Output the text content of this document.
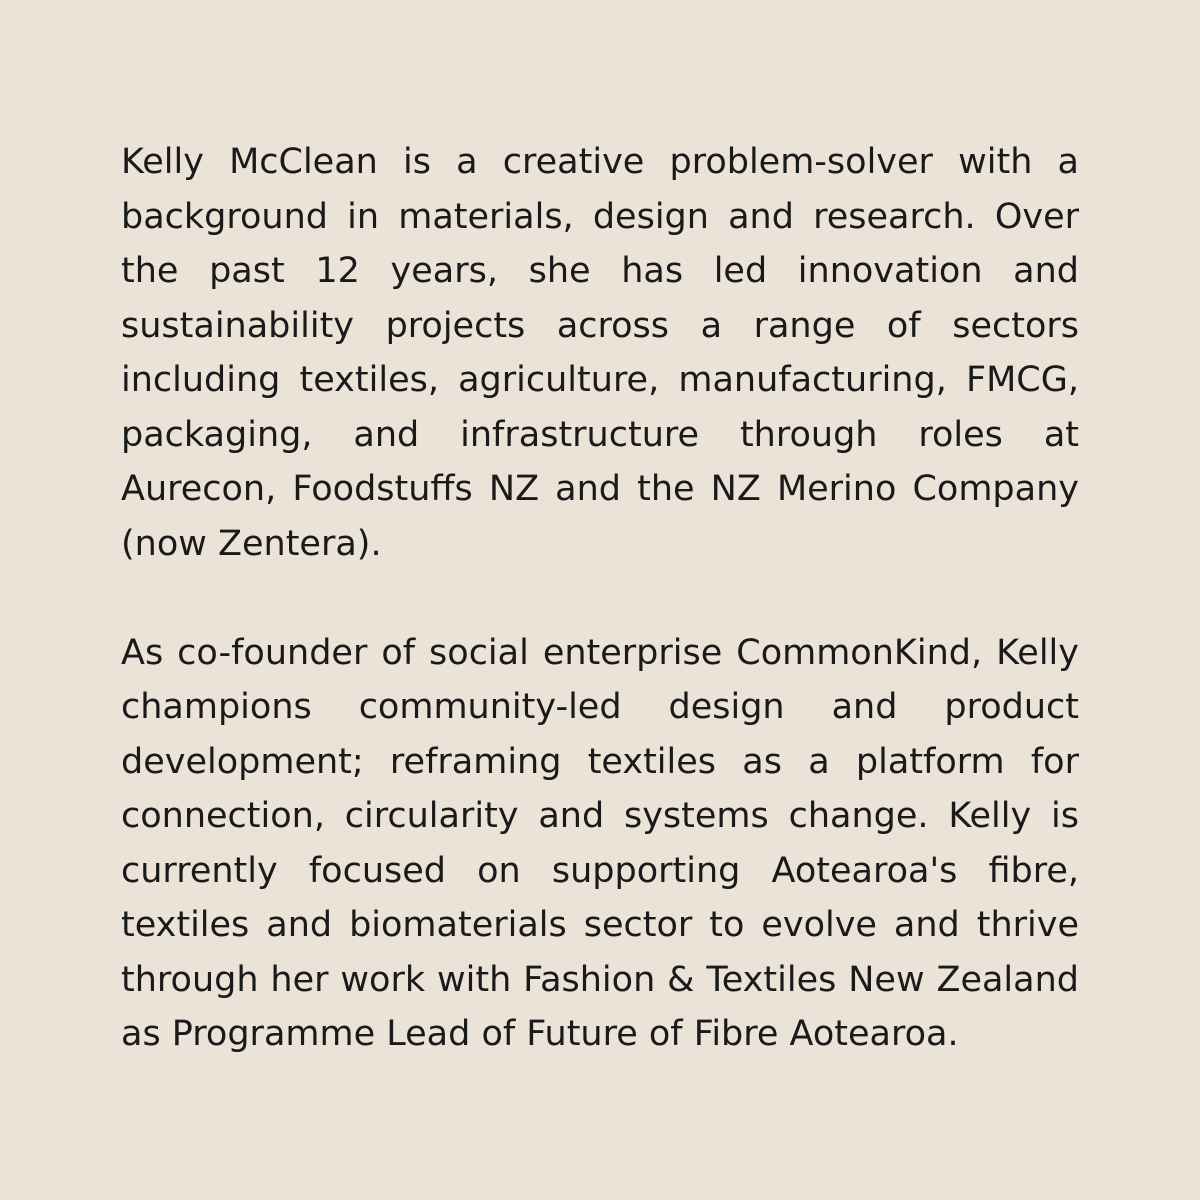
Kelly McClean is a creative problem-solver with a background in materials, design and research. Over the past 12 years, she has led innovation and sustainability projects across a range of sectors including textiles, agriculture, manufacturing, FMCG, packaging, and infrastructure through roles at Aurecon, Foodstuffs NZ and the NZ Merino Company (now Zentera).

As co-founder of social enterprise CommonKind, Kelly champions community-led design and product development; reframing textiles as a platform for connection, circularity and systems change. Kelly is currently focused on supporting Aotearoa's fibre, textiles and biomaterials sector to evolve and thrive through her work with Fashion & Textiles New Zealand as Programme Lead of Future of Fibre Aotearoa.
